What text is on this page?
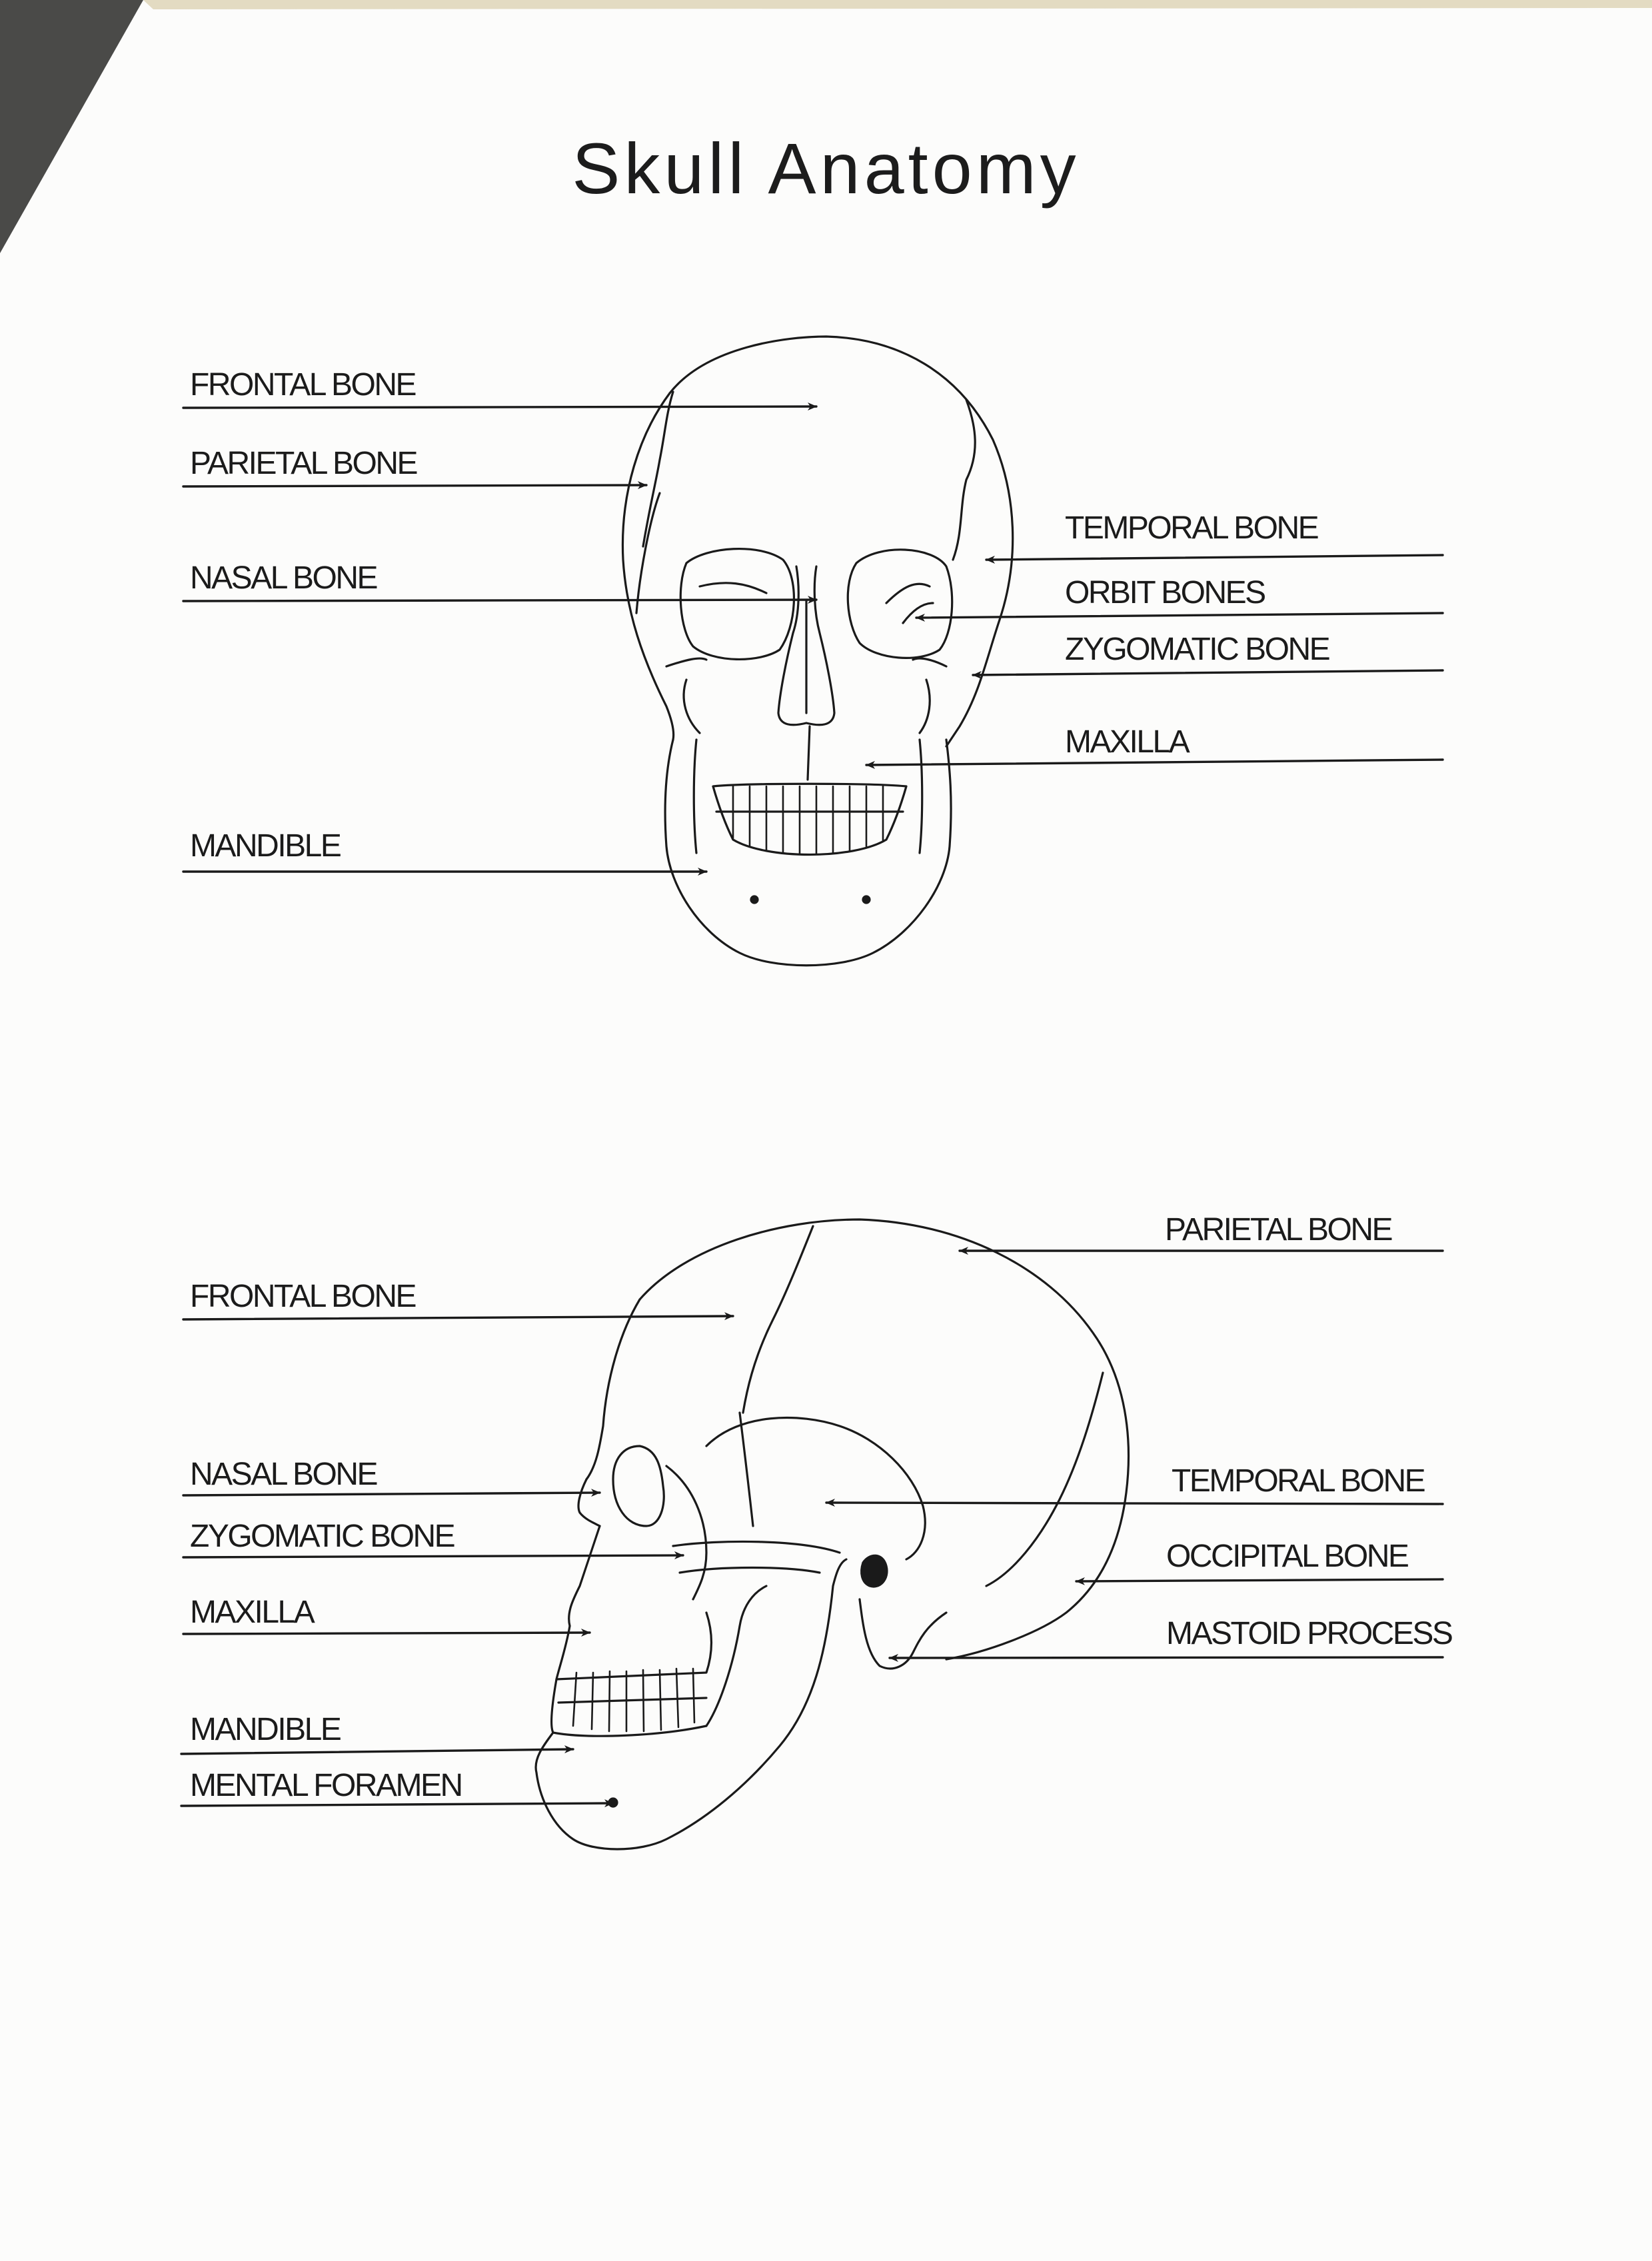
Skull Anatomy
FRONTAL BONE
PARIETAL BONE
NASAL BONE
MANDIBLE
TEMPORAL BONE
ORBIT BONES
ZYGOMATIC BONE
MAXILLA
FRONTAL BONE
NASAL BONE
ZYGOMATIC BONE
MAXILLA
MANDIBLE
MENTAL FORAMEN
PARIETAL BONE
TEMPORAL BONE
OCCIPITAL BONE
MASTOID PROCESS
